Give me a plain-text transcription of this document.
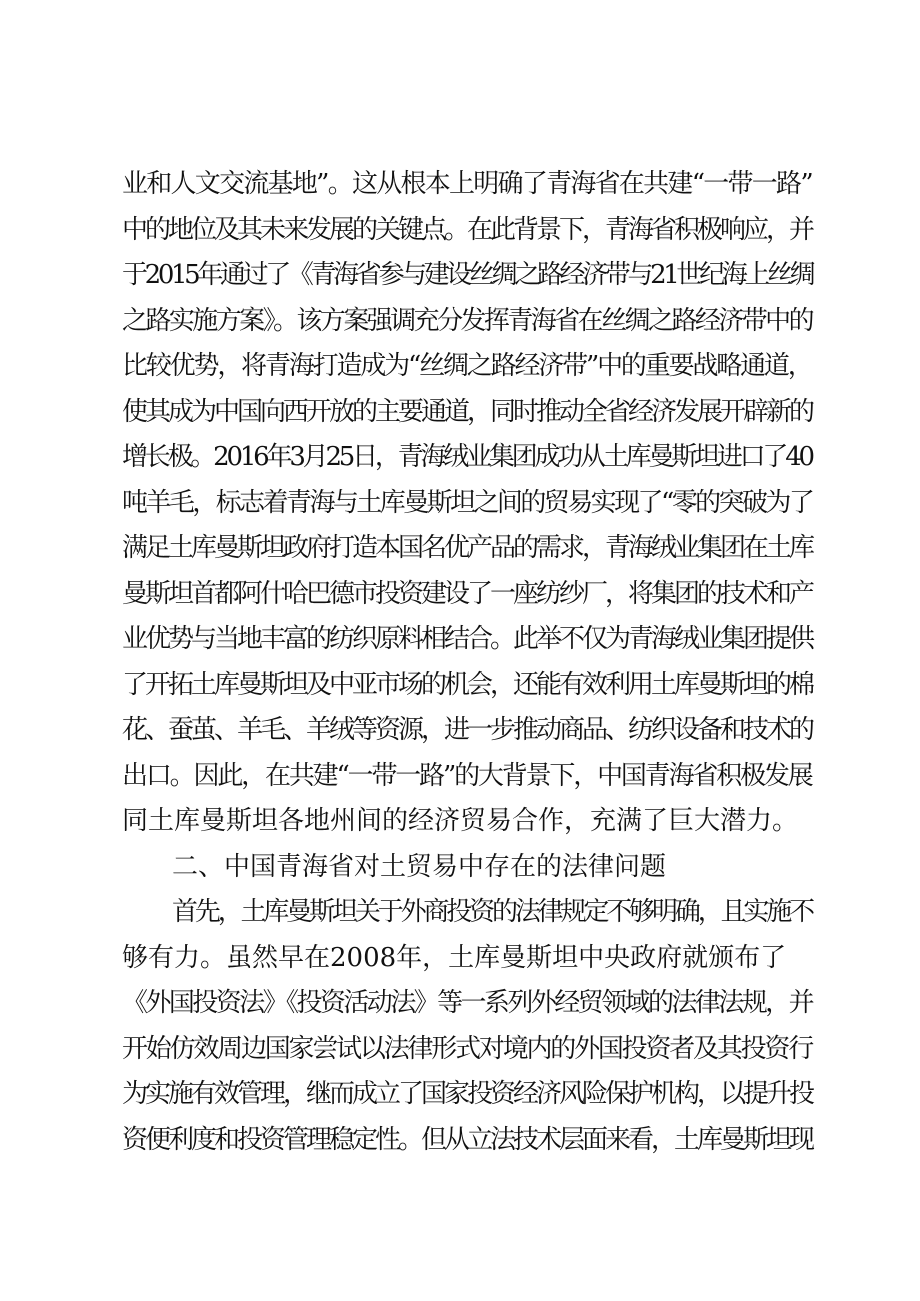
业和人文交流基地”。这从根本上明确了青海省在共建“一带一路”
中的地位及其未来发展的关键点。在此背景下，青海省积极响应，并
于2015年通过了《青海省参与建设丝绸之路经济带与21世纪海上丝绸
之路实施方案》。该方案强调充分发挥青海省在丝绸之路经济带中的
比较优势，将青海打造成为“丝绸之路经济带”中的重要战略通道，
使其成为中国向西开放的主要通道，同时推动全省经济发展开辟新的
增长极。2016年3月25日，青海绒业集团成功从土库曼斯坦进口了40
吨羊毛，标志着青海与土库曼斯坦之间的贸易实现了“零的突破为了
满足土库曼斯坦政府打造本国名优产品的需求，青海绒业集团在土库
曼斯坦首都阿什哈巴德市投资建设了一座纺纱厂，将集团的技术和产
业优势与当地丰富的纺织原料相结合。此举不仅为青海绒业集团提供
了开拓土库曼斯坦及中亚市场的机会，还能有效利用土库曼斯坦的棉
花、蚕茧、羊毛、羊绒等资源，进一步推动商品、纺织设备和技术的
出口。因此，在共建“一带一路”的大背景下，中国青海省积极发展
同土库曼斯坦各地州间的经济贸易合作，充满了巨大潜力。
二、中国青海省对土贸易中存在的法律问题
首先，土库曼斯坦关于外商投资的法律规定不够明确，且实施不
够有力。虽然早在2008年，土库曼斯坦中央政府就颁布了
《外国投资法》《投资活动法》等一系列外经贸领域的法律法规，并
开始仿效周边国家尝试以法律形式对境内的外国投资者及其投资行
为实施有效管理，继而成立了国家投资经济风险保护机构，以提升投
资便利度和投资管理稳定性。但从立法技术层面来看，土库曼斯坦现
